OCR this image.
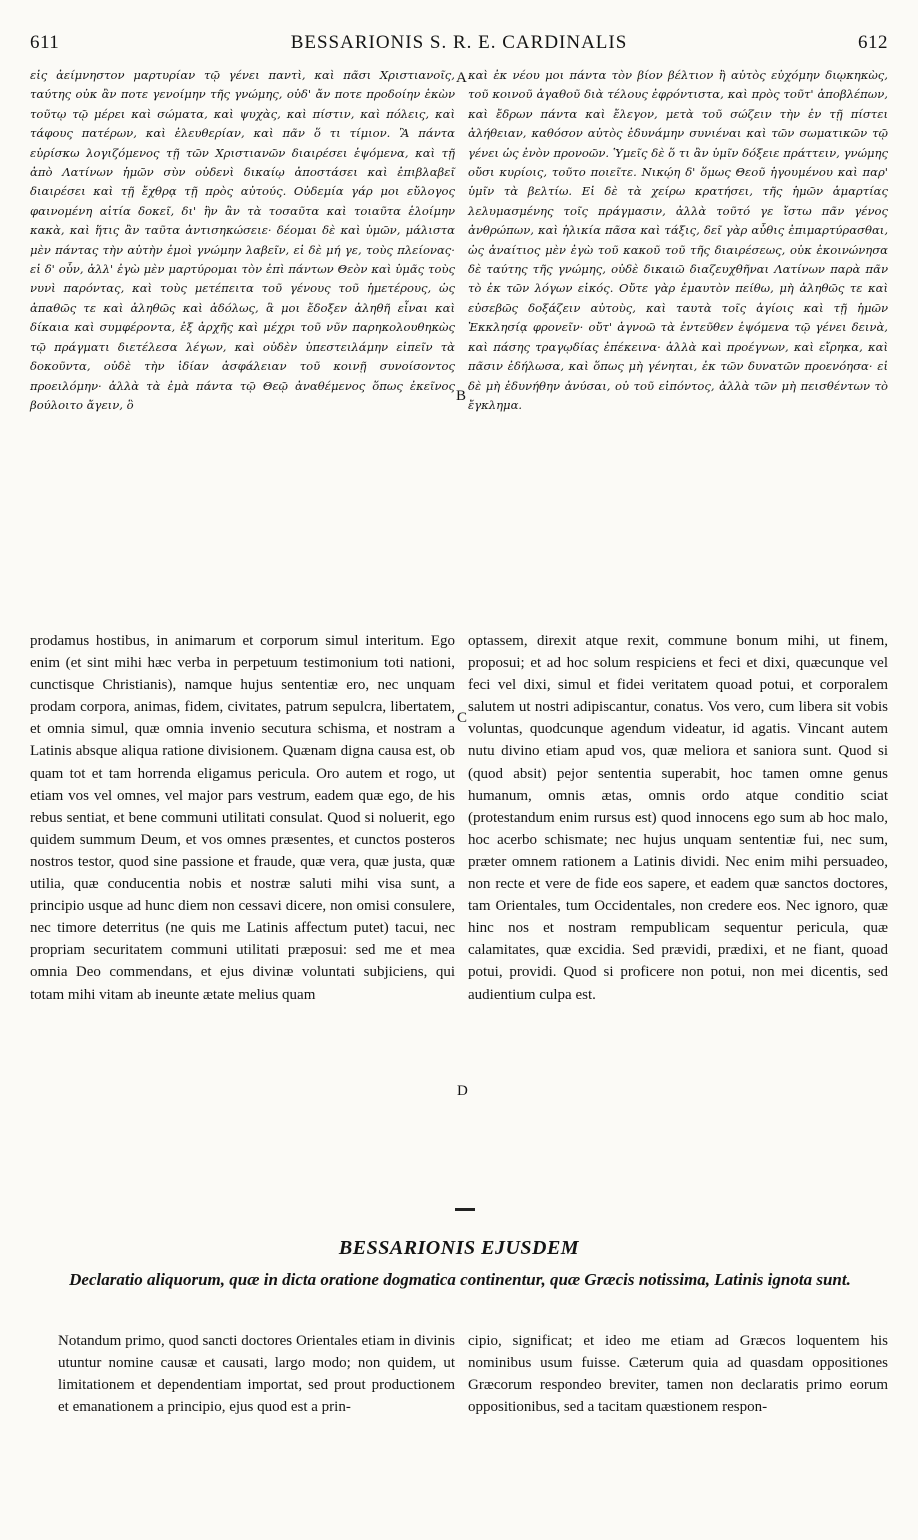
611	BESSARIONIS S. R. E. CARDINALIS	612
εἰς ἀείμνηστον μαρτυρίαν τῷ γένει παντὶ, καὶ πᾶσι Χριστιανοῖς, ταύτης οὐκ ἂν ποτε γενοίμην τῆς γνώμης, οὐδ' ἄν ποτε προδοίην ἑκὼν τοῦτῳ τῷ μέρει καὶ σώματα, καὶ ψυχὰς, καὶ πίστιν, καὶ πόλεις, καὶ τάφους πατέρων, καὶ ἐλευθερίαν, καὶ πᾶν ὅ τι τίμιον. Ἃ πάντα εὑρίσκω λογιζόμενος τῇ τῶν Χριστιανῶν διαιρέσει ἑψόμενα, καὶ τῇ ἀπὸ Λατίνων ἡμῶν σὺν οὐδενὶ δικαίῳ ἀποστάσει καὶ ἐπιβλαβεῖ διαιρέσει καὶ τῇ ἔχθρᾳ τῇ πρὸς αὐτούς. Οὐδεμία γάρ μοι εὔλογος φαινομένη αἰτία δοκεῖ, δι' ἣν ἂν τὰ τοσαῦτα καὶ τοιαῦτα ἑλοίμην κακὰ, καὶ ἥτις ἂν ταῦτα ἀντισηκώσειε· δέομαι δὲ καὶ ὑμῶν, μάλιστα μὲν πάντας τὴν αὐτὴν ἐμοὶ γνώμην λαβεῖν, εἰ δὲ μή γε, τοὺς πλείονας· εἰ δ' οὖν, ἀλλ' ἐγὼ μὲν μαρτύρομαι τὸν ἐπὶ πάντων Θεὸν καὶ ὑμᾶς τοὺς νυνὶ παρόντας, καὶ τοὺς μετέπειτα τοῦ γένους τοῦ ἡμετέρους, ὡς ἀπαθῶς τε καὶ ἀληθῶς καὶ ἀδόλως, ἃ μοι ἔδοξεν ἀληθῆ εἶναι καὶ δίκαια καὶ συμφέροντα, ἐξ ἀρχῆς καὶ μέχρι τοῦ νῦν παρηκολουθηκὼς τῷ πράγματι διετέλεσα λέγων, καὶ οὐδὲν ὑπεστειλάμην εἰπεῖν τὰ δοκοῦντα, οὐδὲ τὴν ἰδίαν ἀσφάλειαν τοῦ κοινῇ συνοίσοντος προειλόμην· ἀλλὰ τὰ ἐμὰ πάντα τῷ Θεῷ ἀναθέμενος ὅπως ἐκεῖνος βούλοιτο ἄγειν, ὃ
καὶ ἐκ νέου μοι πάντα τὸν βίον βέλτιον ἢ αὐτὸς εὐχόμην διῳκηκὼς, τοῦ κοινοῦ ἀγαθοῦ διὰ τέλους ἐφρόντιστα, καὶ πρὸς τοῦτ' ἀποβλέπων, καὶ ἔδρων πάντα καὶ ἔλεγον, μετὰ τοῦ σώζειν τὴν ἐν τῇ πίστει ἀλήθειαν, καθόσον αὐτὸς ἐδυνάμην συνιέναι καὶ τῶν σωματικῶν τῷ γένει ὡς ἐνὸν προνοῶν. Ὑμεῖς δὲ ὅ τι ἂν ὑμῖν δόξειε πράττειν, γνώμης οὔσι κυρίοις, τοῦτο ποιεῖτε. Νικῴη δ' ὅμως Θεοῦ ἡγουμένου καὶ παρ' ὑμῖν τὰ βελτίω. Εἰ δὲ τὰ χείρω κρατήσει, τῆς ἡμῶν ἁμαρτίας λελυμασμένης τοῖς πράγμασιν, ἀλλὰ τοῦτό γε ἴστω πᾶν γένος ἀνθρώπων, καὶ ἡλικία πᾶσα καὶ τάξις, δεῖ γὰρ αὖθις ἐπιμαρτύρασθαι, ὡς ἀναίτιος μὲν ἐγὼ τοῦ κακοῦ τοῦ τῆς διαιρέσεως, οὐκ ἐκοινώνησα δὲ ταύτης τῆς γνώμης, οὐδὲ δικαιῶ διαζευχθῆναι Λατίνων παρὰ πᾶν τὸ ἐκ τῶν λόγων εἰκός. Οὔτε γὰρ ἐμαυτὸν πείθω, μὴ ἀληθῶς τε καὶ εὐσεβῶς δοξάζειν αὐτοὺς, καὶ ταυτὰ τοῖς ἁγίοις καὶ τῇ ἡμῶν Ἐκκλησίᾳ φρονεῖν· οὔτ' ἀγνοῶ τὰ ἐντεῦθεν ἑψόμενα τῷ γένει δεινὰ, καὶ πάσης τραγῳδίας ἐπέκεινα· ἀλλὰ καὶ προέγνων, καὶ εἴρηκα, καὶ πᾶσιν ἐδήλωσα, καὶ ὅπως μὴ γένηται, ἐκ τῶν δυνατῶν προενόησα· εἰ δὲ μὴ ἐδυνήθην ἀνύσαι, οὐ τοῦ εἰπόντος, ἀλλὰ τῶν μὴ πεισθέντων τὸ ἔγκλημα.
A
B
C
D
prodamus hostibus, in animarum et corporum simul interitum. Ego enim (et sint mihi hæc verba in perpetuum testimonium toti nationi, cunctisque Christianis), namque hujus sententiæ ero, nec unquam prodam corpora, animas, fidem, civitates, patrum sepulcra, libertatem, et omnia simul, quæ omnia invenio secutura schisma, et nostram a Latinis absque aliqua ratione divisionem. Quænam digna causa est, ob quam tot et tam horrenda eligamus pericula. Oro autem et rogo, ut etiam vos vel omnes, vel major pars vestrum, eadem quæ ego, de his rebus sentiat, et bene communi utilitati consulat. Quod si noluerit, ego quidem summum Deum, et vos omnes præsentes, et cunctos posteros nostros testor, quod sine passione et fraude, quæ vera, quæ justa, quæ utilia, quæ conducentia nobis et nostræ saluti mihi visa sunt, a principio usque ad hunc diem non cessavi dicere, non omisi consulere, nec timore deterritus (ne quis me Latinis affectum putet) tacui, nec propriam securitatem communi utilitati præposui: sed me et mea omnia Deo commendans, et ejus divinæ voluntati subjiciens, qui totam mihi vitam ab ineunte ætate melius quam
optassem, direxit atque rexit, commune bonum mihi, ut finem, proposui; et ad hoc solum respiciens et feci et dixi, quæcunque vel feci vel dixi, simul et fidei veritatem quoad potui, et corporalem salutem ut nostri adipiscantur, conatus. Vos vero, cum libera sit vobis voluntas, quodcunque agendum videatur, id agatis. Vincant autem nutu divino etiam apud vos, quæ meliora et saniora sunt. Quod si (quod absit) pejor sententia superabit, hoc tamen omne genus humanum, omnis ætas, omnis ordo atque conditio sciat (protestandum enim rursus est) quod innocens ego sum ab hoc malo, hoc acerbo schismate; nec hujus unquam sententiæ fui, nec sum, præter omnem rationem a Latinis dividi. Nec enim mihi persuadeo, non recte et vere de fide eos sapere, et eadem quæ sanctos doctores, tam Orientales, tum Occidentales, non credere eos. Nec ignoro, quæ hinc nos et nostram rempublicam sequentur pericula, quæ calamitates, quæ excidia. Sed prævidi, prædixi, et ne fiant, quoad potui, providi. Quod si proficere non potui, non mei dicentis, sed audientium culpa est.
BESSARIONIS EJUSDEM
Declaratio aliquorum, quæ in dicta oratione dogmatica continentur, quæ Græcis notissima, Latinis ignota sunt.
Notandum primo, quod sancti doctores Orientales etiam in divinis utuntur nomine causæ et causati, largo modo; non quidem, ut limitationem et dependentiam importat, sed prout productionem et emanationem a principio, ejus quod est a prin-
cipio, significat; et ideo me etiam ad Græcos loquentem his nominibus usum fuisse. Cæterum quia ad quasdam oppositiones Græcorum respondeo breviter, tamen non declaratis primo eorum oppositionibus, sed a tacitam quæstionem respon-
